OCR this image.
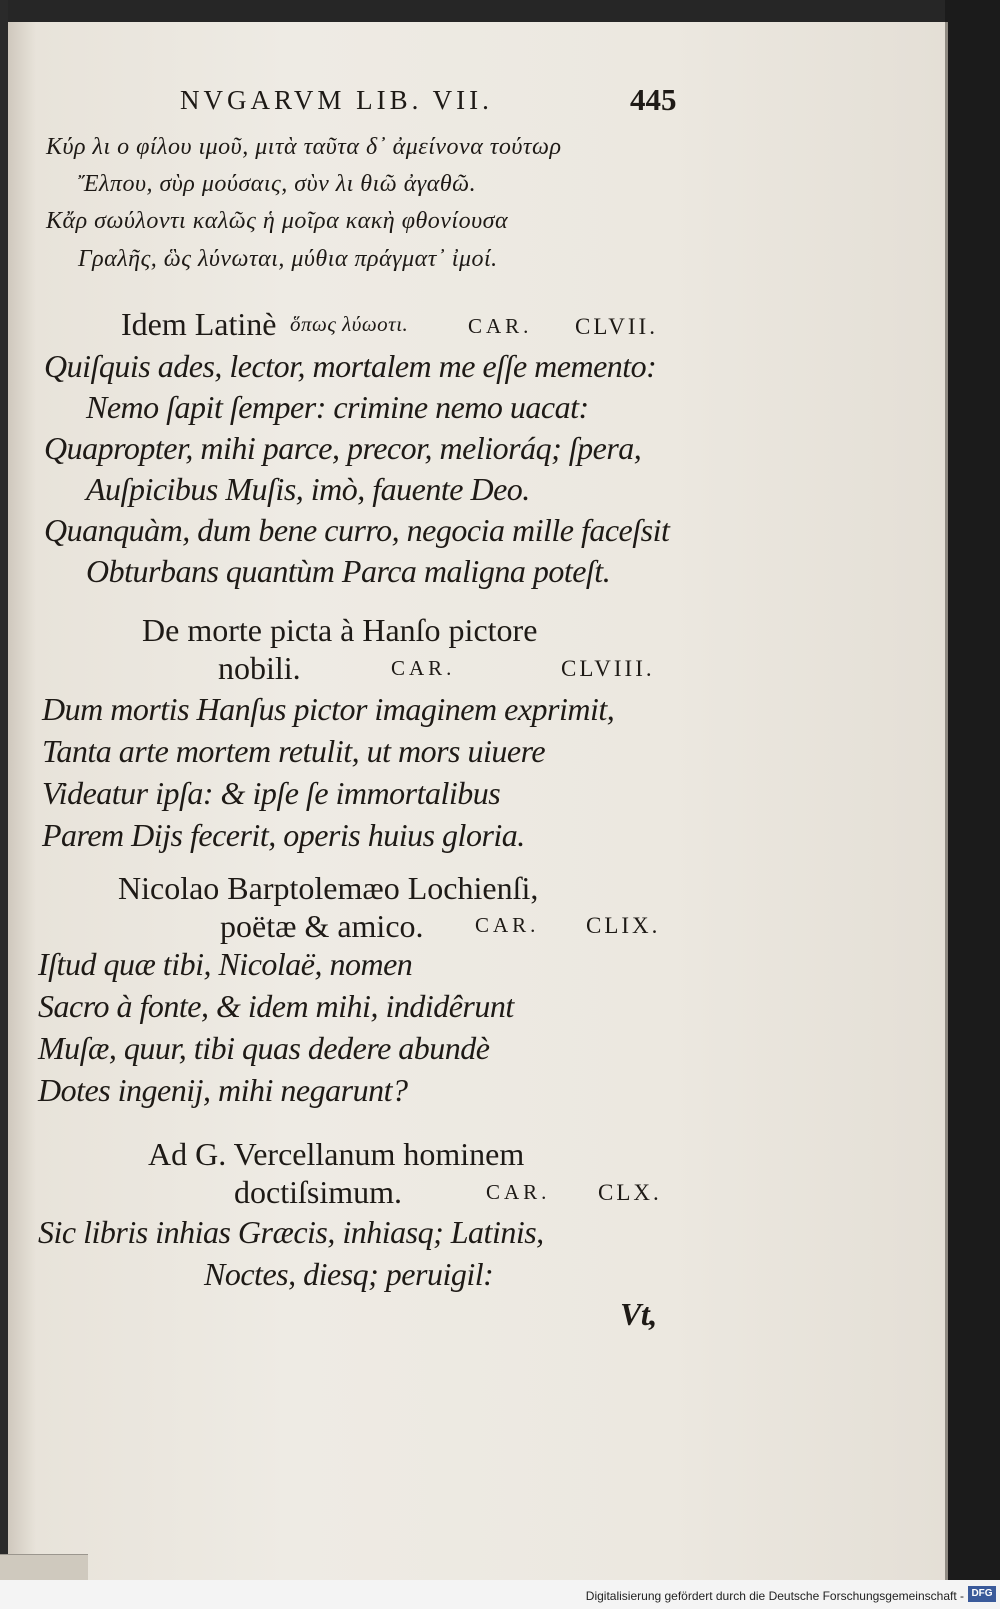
NVGARVM LIB. VII.	445
Κύρ λι ο φίλου ιμοῦ, μιτὰ ταῦτα δ᾽ ἀμείνονα τούτωρ
Ἔλπου, σὺρ μούσαις, σὺν λι θιῶ ἀγαθῶ.
Κἄρ σωύλοντι καλῶς ἡ μοῖρα κακὴ φθονίουσα
Γραλῆς, ὣς λύνωται, μύθια πράγματ᾽ ἰμοί.
Idem Latinè ὅπως λύωοτι.	CAR. CLVII.
Quiſquis ades, lector, mortalem me eſſe memento:
Nemo ſapit ſemper: crimine nemo uacat:
Quapropter, mihi parce, precor, melioráq; ſpera,
Auſpicibus Muſis, imò, fauente Deo.
Quanquàm, dum bene curro, negocia mille faceſsit
Obturbans quantùm Parca maligna poteſt.
De morte picta à Hanſo pictore
nobili.	CAR.	CLVIII.
Dum mortis Hanſus pictor imaginem exprimit,
Tanta arte mortem retulit, ut mors uiuere
Videatur ipſa: & ipſe ſe immortalibus
Parem Dijs fecerit, operis huius gloria.
Nicolao Barptolemæo Lochienſi,
poëtæ & amico. CAR. CLIX.
Iſtud quæ tibi, Nicolaë, nomen
Sacro à fonte, & idem mihi, indidêrunt
Muſæ, quur, tibi quas dedere abundè
Dotes ingenij, mihi negarunt?
Ad G. Vercellanum hominem
doctiſsimum.	CAR. CLX.
Sic libris inhias Græcis, inhiasq; Latinis,
Noctes, diesq; peruigil:
Vt,
Digitalisierung gefördert durch die Deutsche Forschungsgemeinschaft - DFG
